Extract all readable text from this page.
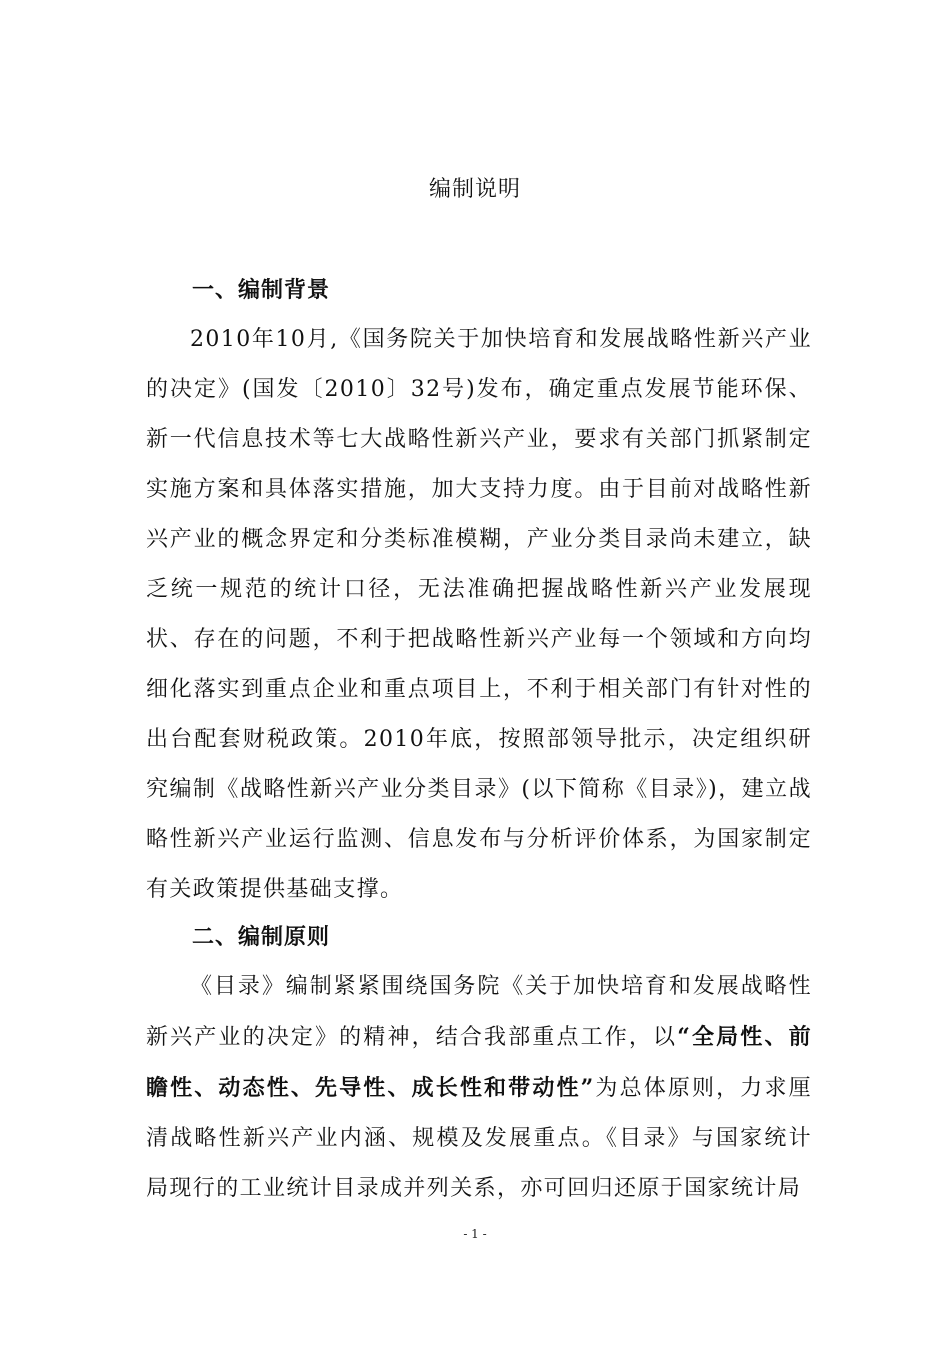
编制说明
一、编制背景

2010年10月,《国务院关于加快培育和发展战略性新兴产业的决定》(国发〔2010〕32号)发布，确定重点发展节能环保、新一代信息技术等七大战略性新兴产业，要求有关部门抓紧制定实施方案和具体落实措施，加大支持力度。由于目前对战略性新兴产业的概念界定和分类标准模糊，产业分类目录尚未建立，缺乏统一规范的统计口径，无法准确把握战略性新兴产业发展现状、存在的问题，不利于把战略性新兴产业每一个领域和方向均细化落实到重点企业和重点项目上，不利于相关部门有针对性的出台配套财税政策。2010年底，按照部领导批示，决定组织研究编制《战略性新兴产业分类目录》(以下简称《目录》)，建立战略性新兴产业运行监测、信息发布与分析评价体系，为国家制定有关政策提供基础支撑。

二、编制原则

《目录》编制紧紧围绕国务院《关于加快培育和发展战略性新兴产业的决定》的精神，结合我部重点工作，以“全局性、前瞻性、动态性、先导性、成长性和带动性”为总体原则，力求厘清战略性新兴产业内涵、规模及发展重点。《目录》与国家统计局现行的工业统计目录成并列关系，亦可回归还原于国家统计局

- 1 -
